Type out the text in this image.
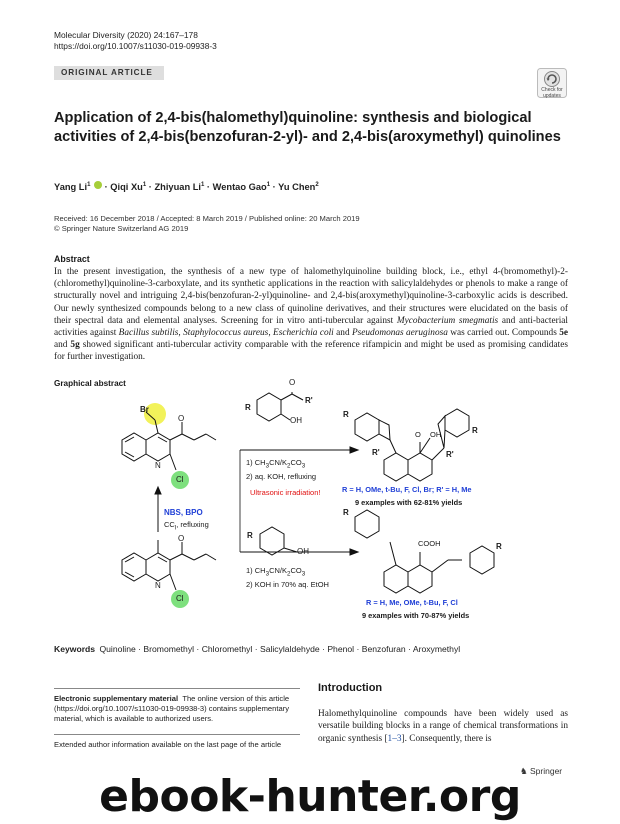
Molecular Diversity (2020) 24:167–178
https://doi.org/10.1007/s11030-019-09938-3
ORIGINAL ARTICLE
Check for
updates
Application of 2,4-bis(halomethyl)quinoline: synthesis and biological activities of 2,4-bis(benzofuran-2-yl)- and 2,4-bis(aroxymethyl) quinolines
Yang $Li^1$ · Qiqi $Xu^1$ · Zhiyuan $Li^1$ · Wentao Gao$^1$ · Yu Chen$^2$
Received: 16 December 2018 / Accepted: 8 March 2019 / Published online: 20 March 2019
© Springer Nature Switzerland AG 2019
Abstract

In the present investigation, the synthesis of a new type of halomethylquinoline building block, i.e., ethyl 4-(bromomethyl)-2-(chloromethyl)quinoline-3-carboxylate, and its synthetic applications in the reaction with salicylaldehydes or phenols to make a range of structurally novel and intriguing 2,4-bis(benzofuran-2-yl)quinoline- and 2,4-bis(aroxymethyl)quinoline-3-carboxylic acids is described. Our newly synthesized compounds belong to a new class of quinoline derivatives, and their structures were elucidated on the basis of their spectral data and elemental analyses. Screening for in vitro anti-tubercular against Mycobacterium smegmatis and anti-bacterial activities against Bacillus subtilis, Staphylococcus aureus, Escherichia coli and Pseudomonas aeruginosa was carried out. Compounds 5e and 5g showed significant anti-tubercular activity comparable with the reference rifampicin and might be used as promising candidates for further investigation.

Graphical abstract
Br
Cl
N
O
Cl
N
O
R
O
R'
OH
R
OH
O OH
R
R
R'	R'
COOH
R
R
NBS, BPO
$CC_l$, refluxing
1) $CH_3CN/K_2CO_3$
2) aq. KOH, refluxing
Ultrasonic irradiation!	R = H, OMe, t-Bu, F, Cl, Br; R' = H, Me
9 examples with 62-81% yields
1) $CH_3CN/K_2CO_3$
2) KOH in 70% aq. EtOH
R = H, Me, OMe, t-Bu, F, Cl
9 examples with 70-87% yields
Keywords Quinoline · Bromomethyl · Chloromethyl · Salicylaldehyde · Phenol · Benzofuran · Aroxymethyl
Electronic supplementary material The online version of this article (https://doi.org/10.1007/s11030-019-09938-3) contains supplementary material, which is available to authorized users.
Extended author information available on the last page of the article
Introduction

Halomethylquinoline compounds have been widely used as versatile building blocks in a range of chemical transformations in organic synthesis [1–3]. Consequently, there is

♞ Springer
ebook-hunter.org
